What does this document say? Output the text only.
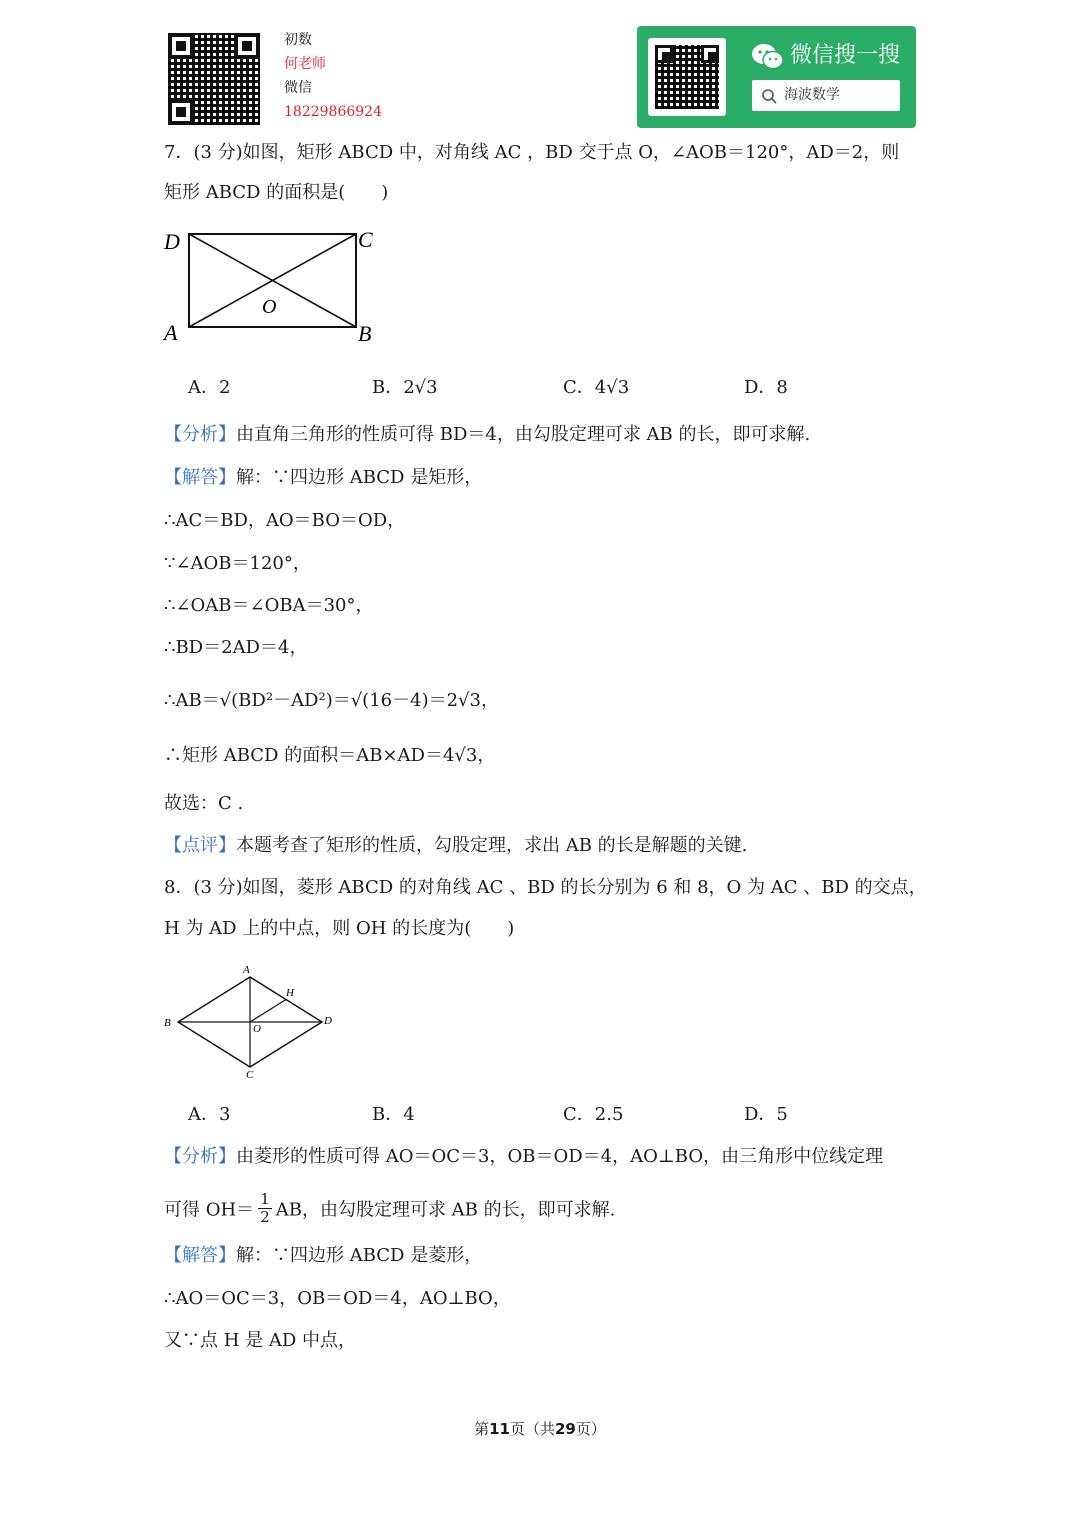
初数
何老师
微信
18229866924
微信搜一搜
海波数学
7．(3 分)如图，矩形 ABCD 中，对角线 AC ，BD 交于点 O，∠AOB＝120°，AD＝2，则
矩形 ABCD 的面积是(　　)
D	C
A	B
O
A．2	B．2√3	C．4√3	D．8
【分析】由直角三角形的性质可得 BD＝4，由勾股定理可求 AB 的长，即可求解.
【解答】解：∵四边形 ABCD 是矩形，
∴AC＝BD，AO＝BO＝OD，
∵∠AOB＝120°，
∴∠OAB＝∠OBA＝30°，
∴BD＝2AD＝4，
∴AB＝√(BD²－AD²)＝√(16－4)＝2√3，
∴矩形 ABCD 的面积＝AB×AD＝4√3，
故选：C .
【点评】本题考查了矩形的性质，勾股定理，求出 AB 的长是解题的关键.
8．(3 分)如图，菱形 ABCD 的对角线 AC 、BD 的长分别为 6 和 8，O 为 AC 、BD 的交点，
H 为 AD 上的中点，则 OH 的长度为(　　)
A
B
C
D
O
H
A．3	B．4	C．2.5	D．5
【分析】由菱形的性质可得 AO＝OC＝3，OB＝OD＝4，AO⊥BO，由三角形中位线定理
可得 $OH= \frac{1}{2}$ AB，由勾股定理可求 AB 的长，即可求解.
【解答】解：∵四边形 ABCD 是菱形，
∴AO＝OC＝3，OB＝OD＝4，AO⊥BO，
又∵点 H 是 AD 中点，
第11页（共29页）
